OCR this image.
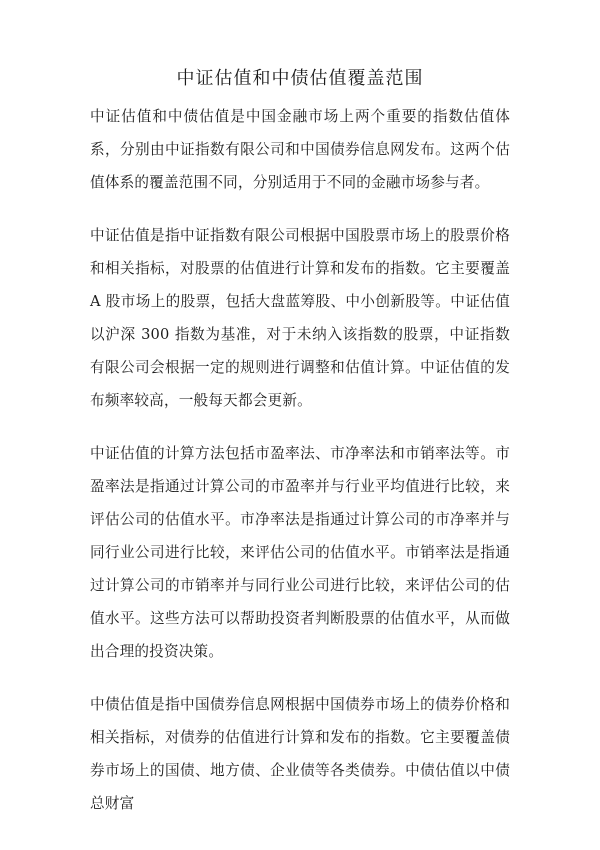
中证估值和中债估值覆盖范围

中证估值和中债估值是中国金融市场上两个重要的指数估值体系，分别由中证指数有限公司和中国债券信息网发布。这两个估值体系的覆盖范围不同，分别适用于不同的金融市场参与者。

中证估值是指中证指数有限公司根据中国股票市场上的股票价格和相关指标，对股票的估值进行计算和发布的指数。它主要覆盖 A 股市场上的股票，包括大盘蓝筹股、中小创新股等。中证估值以沪深 300 指数为基准，对于未纳入该指数的股票，中证指数有限公司会根据一定的规则进行调整和估值计算。中证估值的发布频率较高，一般每天都会更新。

中证估值的计算方法包括市盈率法、市净率法和市销率法等。市盈率法是指通过计算公司的市盈率并与行业平均值进行比较，来评估公司的估值水平。市净率法是指通过计算公司的市净率并与同行业公司进行比较，来评估公司的估值水平。市销率法是指通过计算公司的市销率并与同行业公司进行比较，来评估公司的估值水平。这些方法可以帮助投资者判断股票的估值水平，从而做出合理的投资决策。

中债估值是指中国债券信息网根据中国债券市场上的债券价格和相关指标，对债券的估值进行计算和发布的指数。它主要覆盖债券市场上的国债、地方债、企业债等各类债券。中债估值以中债总财富
